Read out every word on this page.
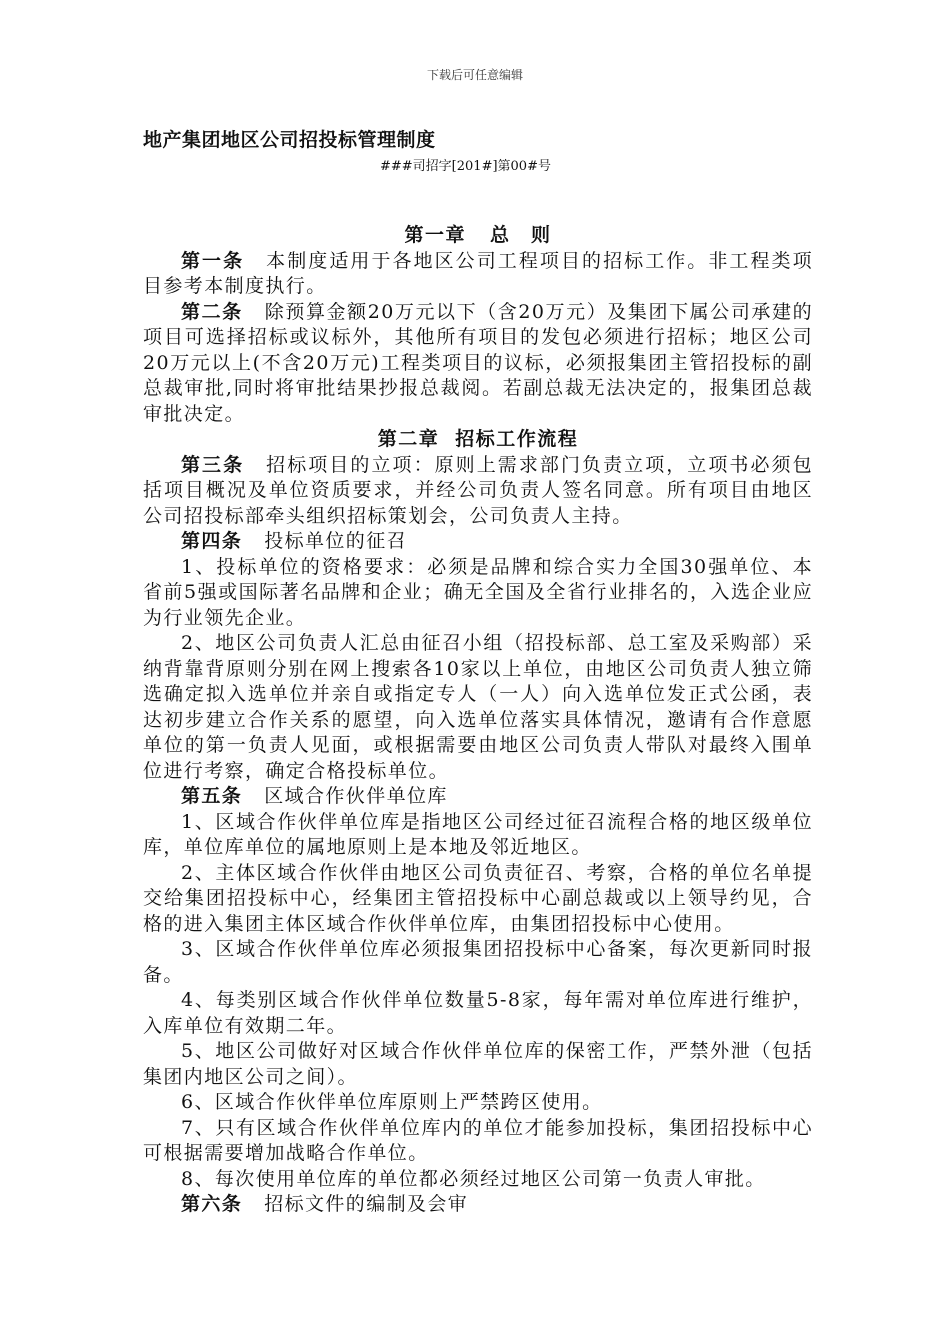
下载后可任意编辑
地产集团地区公司招投标管理制度
###司招字[201#]第00#号
第一章 总　则

第一条 本制度适用于各地区公司工程项目的招标工作。非工程类项目参考本制度执行。

第二条 除预算金额20万元以下（含20万元）及集团下属公司承建的项目可选择招标或议标外，其他所有项目的发包必须进行招标；地区公司20万元以上(不含20万元)工程类项目的议标，必须报集团主管招投标的副总裁审批,同时将审批结果抄报总裁阅。若副总裁无法决定的，报集团总裁审批决定。

第二章 招标工作流程

第三条 招标项目的立项：原则上需求部门负责立项，立项书必须包括项目概况及单位资质要求，并经公司负责人签名同意。所有项目由地区公司招投标部牵头组织招标策划会，公司负责人主持。

第四条 投标单位的征召

1、投标单位的资格要求：必须是品牌和综合实力全国30强单位、本省前5强或国际著名品牌和企业；确无全国及全省行业排名的，入选企业应为行业领先企业。

2、地区公司负责人汇总由征召小组（招投标部、总工室及采购部）采纳背靠背原则分别在网上搜索各10家以上单位，由地区公司负责人独立筛选确定拟入选单位并亲自或指定专人（一人）向入选单位发正式公函，表达初步建立合作关系的愿望，向入选单位落实具体情况，邀请有合作意愿单位的第一负责人见面，或根据需要由地区公司负责人带队对最终入围单位进行考察，确定合格投标单位。

第五条 区域合作伙伴单位库

1、区域合作伙伴单位库是指地区公司经过征召流程合格的地区级单位库，单位库单位的属地原则上是本地及邻近地区。

2、主体区域合作伙伴由地区公司负责征召、考察，合格的单位名单提交给集团招投标中心，经集团主管招投标中心副总裁或以上领导约见，合格的进入集团主体区域合作伙伴单位库，由集团招投标中心使用。

3、区域合作伙伴单位库必须报集团招投标中心备案，每次更新同时报备。

4、每类别区域合作伙伴单位数量5-8家，每年需对单位库进行维护，入库单位有效期二年。

5、地区公司做好对区域合作伙伴单位库的保密工作，严禁外泄（包括集团内地区公司之间）。

6、区域合作伙伴单位库原则上严禁跨区使用。

7、只有区域合作伙伴单位库内的单位才能参加投标，集团招投标中心可根据需要增加战略合作单位。

8、每次使用单位库的单位都必须经过地区公司第一负责人审批。

第六条 招标文件的编制及会审
